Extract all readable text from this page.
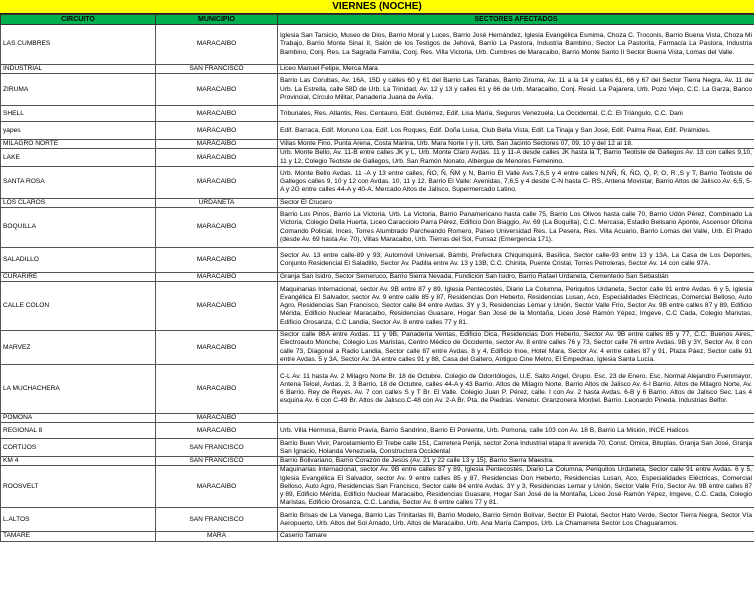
VIERNES (NOCHE)
CIRCUITO	MUNICIPIO	SECTORES AFECTADOS
LAS CUMBRES	MARACAIBO	Iglesia San Tarsicio, Museo de Dios, Barrio Moral y Luces, Barrio José Hernández, Iglesia Evangélica Esmima, Choza C. Troconis, Barrio Buena Vista, Choza Mi Trabajo, Barrio Monte Sinaí II, Salón de los Testigos de Jehová, Barrio La Pastora, Industria Bambino, Sector La Pastorita, Farmacia La Pastora, Industria Bambino, Conj. Res. La Sagrada Familia, Conj. Res. Villa Victoria, Urb. Cumbres de Maracaibo, Barrio Monte Santo II Sector Buena Vista, Lomas del Valle.
INDUSTRIAL	SAN FRANCISCO	Liceo Manuel Felipe, Merca Mara
ZIRUMA	MARACAIBO	Barrio Las Corubas, Av. 16A, 15D y calles 60 y 61 del Barrio Las Tarabas, Barrio Ziruma, Av. 11 a la 14 y calles 61, 66 y 67 del Sector Tierra Negra, Av. 11 de Urb. La Estrella, calle 58D de Urb. La Trinidad, Av. 12 y 13 y calles 61 y 66 de Urb. Maracaibo, Conj. Resid. La Pajarera, Urb. Pozo Viejo, C.C. La Garza, Banco Provincial, Círculo Militar, Panadería Juana de Ávila.
SHELL	MARACAIBO	Tribunales, Res. Atlantis, Res. Centauro, Edif. Gutiérrez, Edif. Lisa María, Seguros Venezuela, La Occidental, C.C. El Triángulo, C.C. Dani
yapes	MARACAIBO	Edif. Barraca, Edif. Moruno Loa, Edif. Los Roques, Edif. Doña Luisa, Club Bella Vista, Edif. La Tinaja y San José, Edif. Palma Real, Edif. Pirámides.
MILAGRO NORTE	MARACAIBO	Villas Monte Fino, Punta Arena, Costa Marina, Urb. Mara Norte I y II, Urb. San Jacinto Sectores 07, 09, 10 y del 12 al 18.
LAKE	MARACAIBO	Urb. Monte Bello, Av. 11-B entre calles JK y L, Urb. Monte Claro Avdas. 11 y 11-A desde calles JK hasta la T, Barrio Teotiste de Gallegos Av. 13 con calles 9,10, 11 y 12, Colegio Teotiste de Gallegos, Urb. San Ramón Nonato, Albergue de Menores Femenino.
SANTA ROSA	MARACAIBO	Urb. Monte Bello Avdas. 11 -A y 13 entre calles, ÑO, Ñ, ÑM y N, Barrio El Valle Avs.7,6,5 y 4 entre calles N,NÑ, Ñ, ÑO, Q, P, O, R ,S y T, Barrio Teotiste de Gallegos calles 9, 10 y 12 con Avdas. 10, 11 y 12. Barrio El Valle: Avenidas, 7,6,5 y 4 desde C-N hasta C- RS, Antena Movistar, Barrio Altos de Jalisco Av. 6,5, 5-A y 2G entre calles 44-A y 40-A. Mercado Altos de Jalisco, Supermercado Latino.
LOS CLAROS	URDANETA	Sector El Crucero
BOQUILLA	MARACAIBO	Barrio Los Pinos, Barrio La Victoria, Urb. La Victoria, Barrio Panamericano hasta calle 75, Barrio Los Olivos hasta calle 70, Barrio Udón Pérez, Combinado La Victoria, Colegio Della Huerta, Liceo Caracciolo Parra Pérez, Edificio Don Biaggio, Av. 69 (La Boquilla), C.C. Mercasa, Estadio Belisario Aponte, Ascensor Oficina Comando Policial, Inces, Torres Alumbrado Parcheando Romero, Paseo Universidad Res. La Pesera, Res. Villa Acuario, Barrio Lomas del Valle, Urb. El Prado (desde Av. 69 hasta Av. 70), Villas Maracaibo, Urb. Tierras del Sol, Funsaz (Emergencia 171).
SALADILLO	MARACAIBO	Sector Av. 13 entre calle-89 y 93, Automóvil Universal, Bambi, Prefectura Chiquinquirá, Basílica, Sector calle-93 entre 13 y 13A, La Casa de Los Deportes, Conjunto Residencial El Saladillo, Sector Av. Padilla entre Av. 13 y 13B, C.C. Chinita, Puente Cristal, Torres Petroleras, Sector Av. 14 con calle 97A.
CURARIRE	MARACAIBO	Granja San Isidro, Sector Semeruco, Barrio Sierra Nevada, Fundición San Isidro, Barrio Rafael Urdaneta, Cementerio San Sebastián
CALLE COLON	MARACAIBO	Maquinarias Internacional, sector Av. 9B entre 87 y 89, Iglesia Pentecostés, Diario La Columna, Periquitos Urdaneta, Sector calle 91 entre Avdas. 6 y 5, Iglesia Evangélica El Salvador, sector Av. 9 entre calle 85 y 87, Residencias Don Heberto, Residencias Lusan, Aco, Especialidades Eléctricas, Comercial Belloso, Auto Agro, Residencias San Francisco, Sector calle 84 entre Avdas. 3Y y 3, Residencias Lemar y Unión, Sector Valle Frío, Sector Av. 9B entre calles 87 y 89, Edificio Mérida, Edificio Nuclear Maracaibo, Residencias Guasare, Hogar San José de la Montaña, Liceo José Ramón Yépez, Imgeve, C.C Cada, Colegio Maristas, Edificio Orosanza, C.C Landia, Sector Av. 8 entre calles 77 y 81.
MARVEZ	MARACAIBO	Sector calle 86A entre Avdas. 11 y 9B, Panadería Ventas, Edificio Dica, Residencias Don Heberto, Sector Av. 9B entre calles 85 y 77, C.C. Buenos Aires, Electroauto Monche, Colegio Los Maristas, Centro Médico de Occidente, sector Av. 8 entre calles 76 y 73, Sector calle 76 entre Avdas. 9B y 3Y, Sector Av. 8 con calle 73, Diagonal a Radio Landia, Sector calle 87 entre Avdas. 8 y 4, Edificio Inoe, Hotel Mara, Sector Av. 4 entre calles 87 y 91, Plaza Páez, Sector calle 91 entre Avdas. 5 y 3A, Sector Av. 3A entre calles 91 y 88, Casa del Gaitero, Antiguo Cine Metro, El Empedrao, Iglesia Santa Lucía.
LA MUCHACHERA	MARACAIBO	C-L Av. 11 hasta Av. 2 Milagro Norte Br. 18 de Octubre. Colegio de Odontólogos, U.E. Salto Angel, Grupo. Esc. 23 de Enero. Esc. Normal Alejandro Fuenmayor, Antena Telcel, Avdas. 2, 3 Barrio, 18 de Octubre, calles 44-A y 43 Barrio. Altos de Milagro Norte. Barrio Altos de Jalisco Av. 6-I Barrio. Altos de Milagro Norte, Av. 6 Barrio. Rey de Reyes. Av. 7 con calles S y T Br. El Valle. Colegio Juan P. Pérez, calle. I con Av. 2 hasta Avdas. 6-B y 6 Barrio. Altos de Jalisco Sec. Las 4 esquina Av. 6 con C-49 Br. Altos de Jalisco.C-48 con Av. 2-A Br. Pta. de Piedras. Venetur. Granzonera Montiel. Barrio. Leonardo Pineda. Industrias Belfor.
POMONA	MARACAIBO	
REGIONAL 8	MARACAIBO	Urb. Villa Hermosa, Barrio Pravia, Barrio Sandrino, Barrio El Poniente, Urb. Pomona, calle 103 con Av. 18 B, Barrio La Misión, INCE Haticos
CORTIJOS	SAN FRANCISCO	Barrio Buen Vivir, Parcelamiento El Trebe calle 151, Carretera Perijá, sector Zona Industrial etapa II avenida 70, Const. Omica, Bituplas, Granja San José, Granja San Ignacio, Holanda Venezuela, Constructora Occidental
KM 4	SAN FRANCISCO	Barrio Bolivariano, Barrio Corazón de Jesús (Av. 21 y 22 calle 13 y 15), Barrio Sierra Maestra.
ROOSVELT	MARACAIBO	Maquinarias Internacional, sector Av. 9B entre calles 87 y 89, Iglesia Pentecostés, Diario La Columna, Periquitos Urdaneta, Sector calle 91 entre Avdas. 6 y 5, Iglesia Evangélica El Salvador, sector Av. 9 entre calles 85 y 87, Residencias Don Heberto, Residencias Lusan, Aco, Especialidades Eléctricas, Comercial Belloso, Auto Agro, Residencias San Francisco, Sector calle 84 entre Avdas. 3Y y 3, Residencias Lemar y Unión, Sector Valle Frío, Sector Av. 9B entre calles 87 y 89, Edificio Mérida, Edificio Nuclear Maracaibo, Residencias Guasare, Hogar San José de la Montaña, Liceo José Ramón Yépez, Imgeve, C.C. Cada, Colegio Maristas, Edificio Orosanza, C.C. Landia, Sector Av. 8 entre calles 77 y 81.
L.ALTOS	SAN FRANCISCO	Barrio Brisas de La Vanega, Barrio Las Trinitarias III, Barrio Modelo, Barrio Simón Bolívar, Sector El Palotal, Sector Hato Verde, Sector Tierra Negra, Sector Vía Aeropuerto, Urb. Altos del Sol Amado, Urb. Altos de Maracaibo, Urb. Ana María Campos, Urb. La Chamarreta Sector Los Chaguaramos.
TAMARE	MARA	Caserío Tamare
